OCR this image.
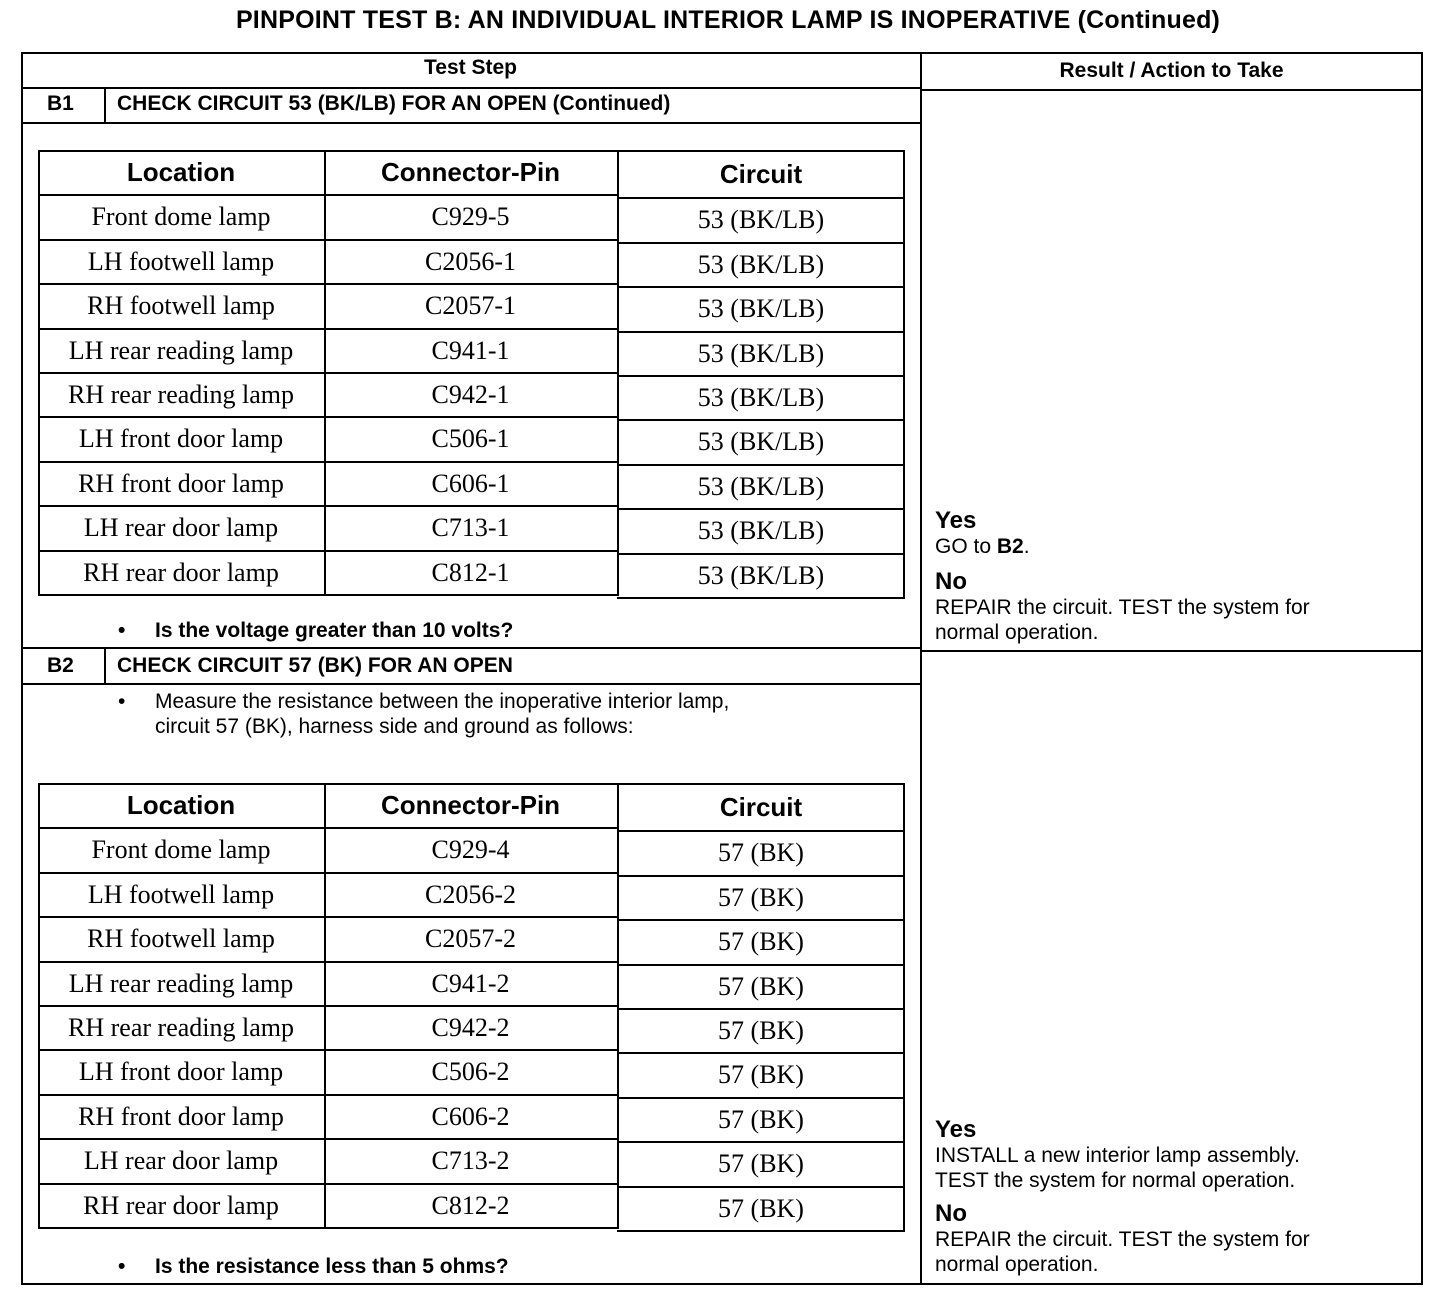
PINPOINT TEST B: AN INDIVIDUAL INTERIOR LAMP IS INOPERATIVE (Continued)
Test Step	Result / Action to Take
B1 CHECK CIRCUIT 53 (BK/LB) FOR AN OPEN (Continued)
Location	Connector-Pin	Circuit
Front dome lamp	C929-5	53 (BK/LB)
LH footwell lamp	C2056-1	53 (BK/LB)
RH footwell lamp	C2057-1	53 (BK/LB)
LH rear reading lamp	C941-1	53 (BK/LB)
RH rear reading lamp	C942-1	53 (BK/LB)
LH front door lamp	C506-1	53 (BK/LB)
RH front door lamp	C606-1	53 (BK/LB)
LH rear door lamp	C713-1	53 (BK/LB)
RH rear door lamp	C812-1	53 (BK/LB)
• Is the voltage greater than 10 volts?
Yes
GO to B2.
No
REPAIR the circuit. TEST the system for
normal operation.
B2 CHECK CIRCUIT 57 (BK) FOR AN OPEN
• Measure the resistance between the inoperative interior lamp,
circuit 57 (BK), harness side and ground as follows:
Location	Connector-Pin	Circuit
Front dome lamp	C929-4	57 (BK)
LH footwell lamp	C2056-2	57 (BK)
RH footwell lamp	C2057-2	57 (BK)
LH rear reading lamp	C941-2	57 (BK)
RH rear reading lamp	C942-2	57 (BK)
LH front door lamp	C506-2	57 (BK)
RH front door lamp	C606-2	57 (BK)
LH rear door lamp	C713-2	57 (BK)
RH rear door lamp	C812-2	57 (BK)
• Is the resistance less than 5 ohms?
Yes
INSTALL a new interior lamp assembly.
TEST the system for normal operation.
No
REPAIR the circuit. TEST the system for
normal operation.
